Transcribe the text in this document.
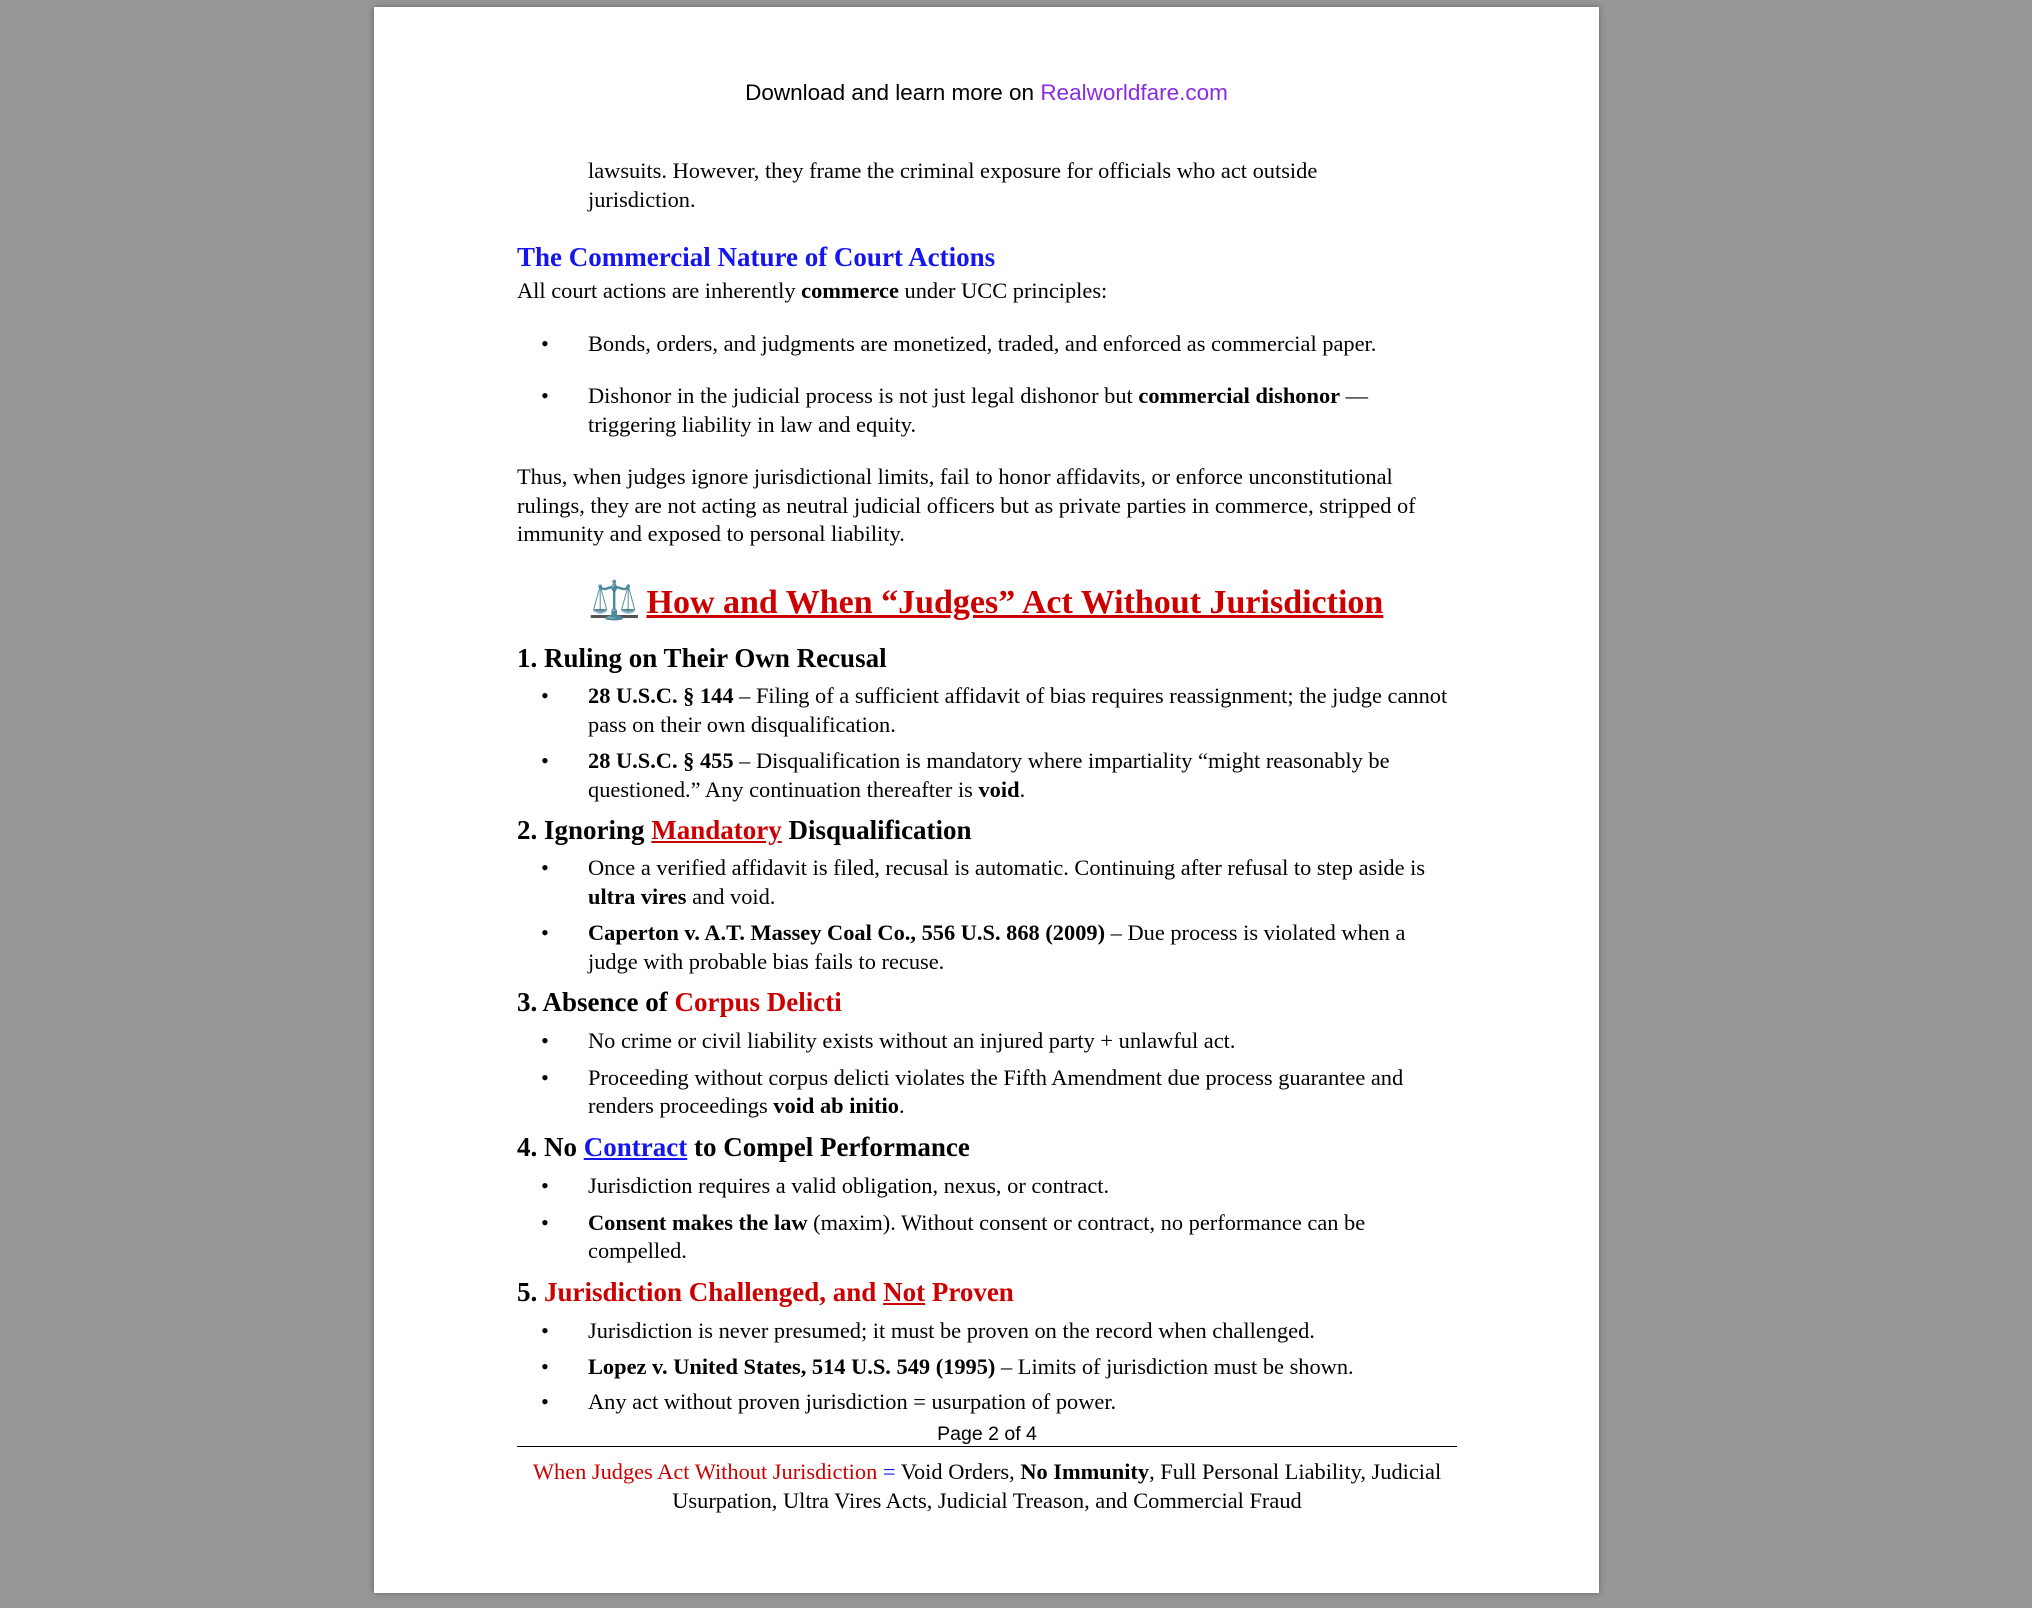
Download and learn more on Realworldfare.com
lawsuits. However, they frame the criminal exposure for officials who act outside jurisdiction.
The Commercial Nature of Court Actions
All court actions are inherently commerce under UCC principles:
• Bonds, orders, and judgments are monetized, traded, and enforced as commercial paper.
• Dishonor in the judicial process is not just legal dishonor but commercial dishonor — triggering liability in law and equity.
Thus, when judges ignore jurisdictional limits, fail to honor affidavits, or enforce unconstitutional rulings, they are not acting as neutral judicial officers but as private parties in commerce, stripped of immunity and exposed to personal liability.
⚖️ How and When “Judges” Act Without Jurisdiction
1. Ruling on Their Own Recusal
• 28 U.S.C. § 144 – Filing of a sufficient affidavit of bias requires reassignment; the judge cannot pass on their own disqualification.
• 28 U.S.C. § 455 – Disqualification is mandatory where impartiality “might reasonably be questioned.” Any continuation thereafter is void.
2. Ignoring Mandatory Disqualification
• Once a verified affidavit is filed, recusal is automatic. Continuing after refusal to step aside is ultra vires and void.
• Caperton v. A.T. Massey Coal Co., 556 U.S. 868 (2009) – Due process is violated when a judge with probable bias fails to recuse.
3. Absence of Corpus Delicti
• No crime or civil liability exists without an injured party + unlawful act.
• Proceeding without corpus delicti violates the Fifth Amendment due process guarantee and renders proceedings void ab initio.
4. No Contract to Compel Performance
• Jurisdiction requires a valid obligation, nexus, or contract.
• Consent makes the law (maxim). Without consent or contract, no performance can be compelled.
5. Jurisdiction Challenged, and Not Proven
• Jurisdiction is never presumed; it must be proven on the record when challenged.
• Lopez v. United States, 514 U.S. 549 (1995) – Limits of jurisdiction must be shown.
• Any act without proven jurisdiction = usurpation of power.
Page 2 of 4
When Judges Act Without Jurisdiction = Void Orders, No Immunity, Full Personal Liability, Judicial Usurpation, Ultra Vires Acts, Judicial Treason, and Commercial Fraud
